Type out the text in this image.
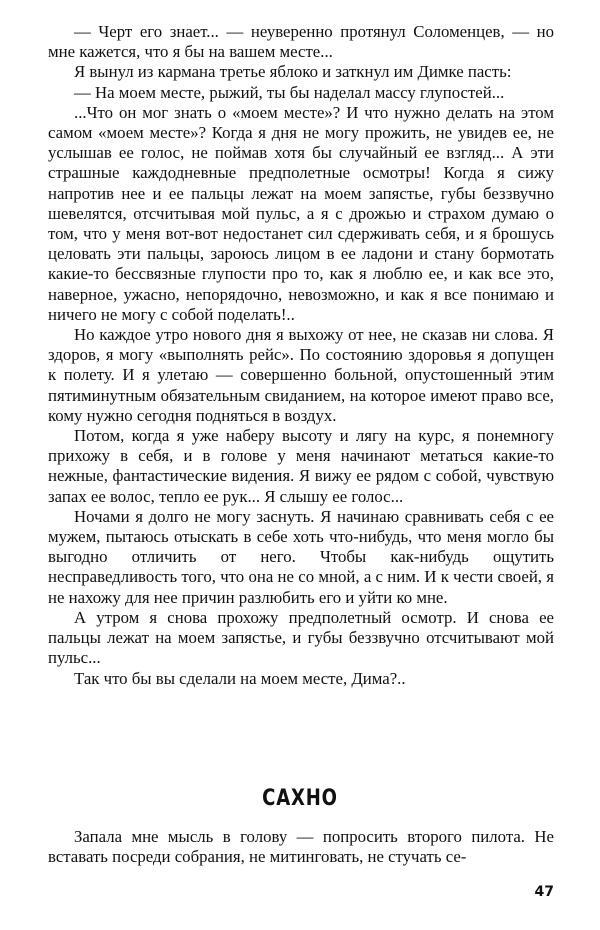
— Черт его знает... — неуверенно протянул Соломенцев, — но мне кажется, что я бы на вашем месте...

Я вынул из кармана третье яблоко и заткнул им Димке пасть:

— На моем месте, рыжий, ты бы наделал массу глупостей...

...Что он мог знать о «моем месте»? И что нужно делать на этом самом «моем месте»? Когда я дня не могу прожить, не увидев ее, не услышав ее голос, не поймав хотя бы случайный ее взгляд... А эти страшные каждодневные предполетные осмотры! Когда я сижу напротив нее и ее пальцы лежат на моем запястье, губы беззвучно шевелятся, отсчитывая мой пульс, а я с дрожью и страхом думаю о том, что у меня вот-вот недостанет сил сдерживать себя, и я брошусь целовать эти пальцы, зароюсь лицом в ее ладони и стану бормотать какие-то бессвязные глупости про то, как я люблю ее, и как все это, наверное, ужасно, непорядочно, невозможно, и как я все понимаю и ничего не могу с собой поделать!..

Но каждое утро нового дня я выхожу от нее, не сказав ни слова. Я здоров, я могу «выполнять рейс». По состоянию здоровья я допущен к полету. И я улетаю — совершенно больной, опустошенный этим пятиминутным обязательным свиданием, на которое имеют право все, кому нужно сегодня подняться в воздух.

Потом, когда я уже наберу высоту и лягу на курс, я понемногу прихожу в себя, и в голове у меня начинают метаться какие-то нежные, фантастические видения. Я вижу ее рядом с собой, чувствую запах ее волос, тепло ее рук... Я слышу ее голос...

Ночами я долго не могу заснуть. Я начинаю сравнивать себя с ее мужем, пытаюсь отыскать в себе хоть что-нибудь, что меня могло бы выгодно отличить от него. Чтобы как-нибудь ощутить несправедливость того, что она не со мной, а с ним. И к чести своей, я не нахожу для нее причин разлюбить его и уйти ко мне.

А утром я снова прохожу предполетный осмотр. И снова ее пальцы лежат на моем запястье, и губы беззвучно отсчитывают мой пульс...

Так что бы вы сделали на моем месте, Дима?..

САХНО

Запала мне мысль в голову — попросить второго пилота. Не вставать посреди собрания, не митинговать, не стучать се-

47
